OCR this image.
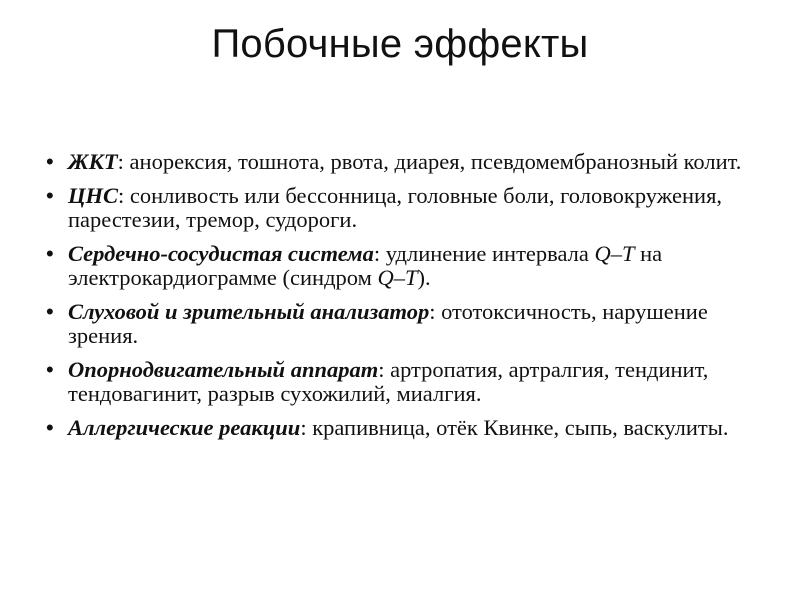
Побочные эффекты
• ЖКТ: анорексия, тошнота, рвота, диарея, псевдомембранозный колит.
• ЦНС: сонливость или бессонница, головные боли, головокружения, парестезии, тремор, судороги.
• Сердечно-сосудистая система: удлинение интервала Q–T на электрокардиограмме (синдром Q–T).
• Слуховой и зрительный анализатор: ототоксичность, нарушение зрения.
• Опорнодвигательный аппарат: артропатия, артралгия, тендинит, тендовагинит, разрыв сухожилий, миалгия.
• Аллергические реакции: крапивница, отёк Квинке, сыпь, васкулиты.
